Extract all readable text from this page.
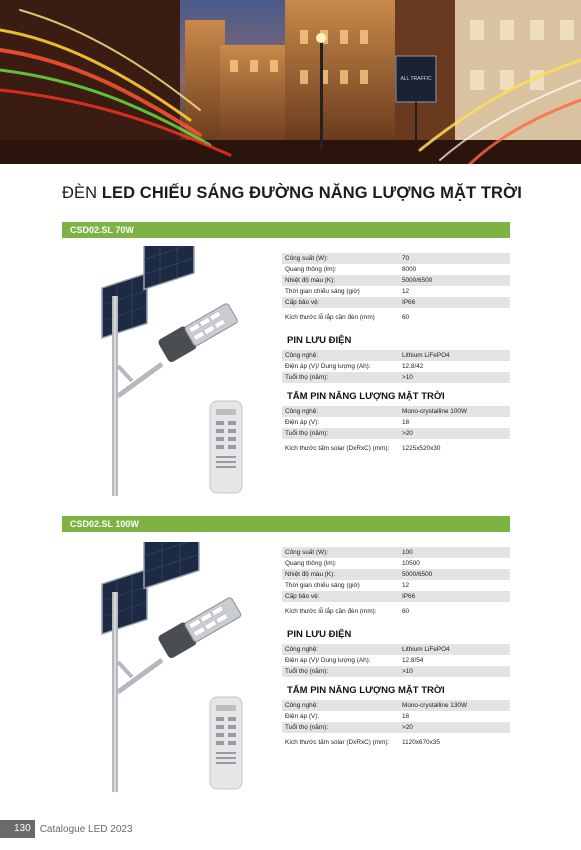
ALL TRAFFIC
ĐÈN LED CHIẾU SÁNG ĐƯỜNG NĂNG LƯỢNG MẶT TRỜI
CSD02.SL 70W
Công suất (W):	70
Quang thông (lm):	8000
Nhiệt độ màu (K):	5000/6500
Thời gian chiếu sáng (giờ)	12
Cấp bảo vệ:	IP66
Kích thước lỗ lắp cần đèn (mm)	60
PIN LƯU ĐIỆN
Công nghệ:	Lithium LiFePO4
Điện áp (V)/ Dung lượng (Ah):	12.8/42
Tuổi thọ (năm):	>10
TẤM PIN NĂNG LƯỢNG MẶT TRỜI
Công nghệ:	Mono-crystalline 100W
Điện áp (V):	18
Tuổi thọ (năm):	>20
Kích thước tấm solar (DxRxC) (mm):	1225x520x30
CSD02.SL 100W
Công suất (W):	100
Quang thông (lm):	10500
Nhiệt độ màu (K):	5000/6500
Thời gian chiếu sáng (giờ)	12
Cấp bảo vệ:	IP66
Kích thước lỗ lắp cần đèn (mm):	60
PIN LƯU ĐIỆN
Công nghệ:	Lithium LiFePO4
Điện áp (V)/ Dung lượng (Ah):	12.8/54
Tuổi thọ (năm):	>10
TẤM PIN NĂNG LƯỢNG MẶT TRỜI
Công nghệ:	Mono-crystalline 130W
Điện áp (V):	18
Tuổi thọ (năm):	>20
Kích thước tấm solar (DxRxC) (mm):	1120x670x35
130 Catalogue LED 2023
